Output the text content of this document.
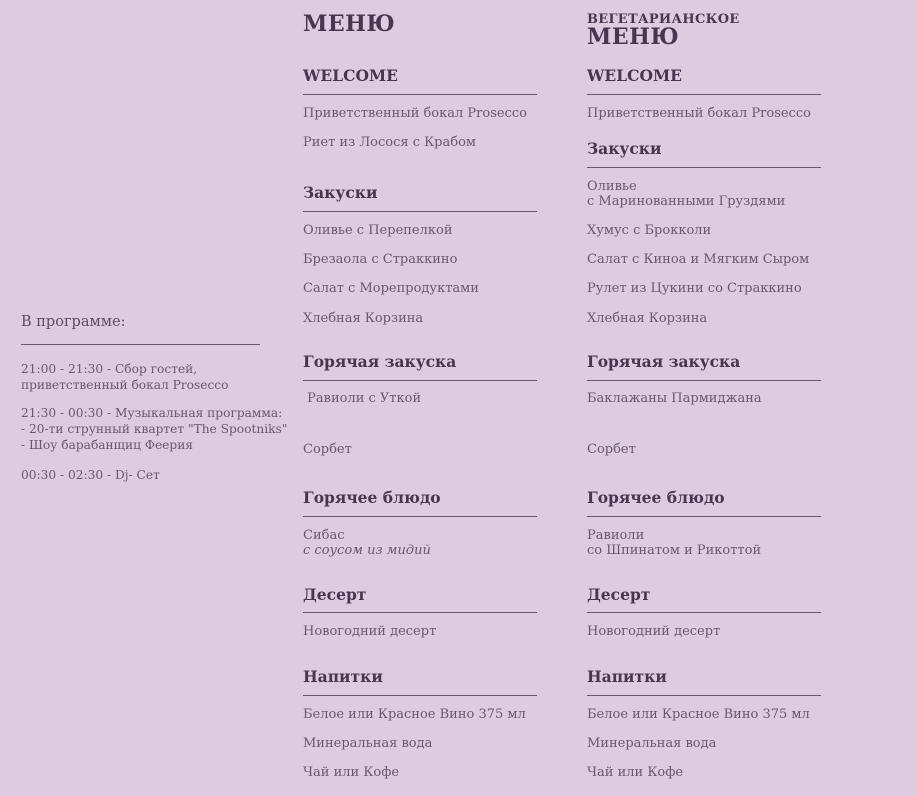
В программе:
21:00 - 21:30 - Сбор гостей,
приветственный бокал Prosecco
21:30 - 00:30 - Музыкальная программа:
- 20-ти струнный квартет "The Spootniks"
- Шоу барабанщиц Феерия
00:30 - 02:30 - Dj- Сет
МЕНЮ
WELCOME
Приветственный бокал Prosecco
Риет из Лосося с Крабом
Закуски
Оливье с Перепелкой
Брезаола с Страккино
Салат с Морепродуктами
Хлебная Корзина
Горячая закуска
Равиоли с Уткой
Сорбет
Горячее блюдо
Сибас
с соусом из мидий
Десерт
Новогодний десерт
Напитки
Белое или Красное Вино 375 мл
Минеральная вода
Чай или Кофе
ВЕГЕТАРИАНСКОЕ
МЕНЮ
WELCOME
Приветственный бокал Prosecco
Закуски
Оливье
с Маринованными Груздями
Хумус с Брокколи
Салат с Киноа и Мягким Сыром
Рулет из Цукини со Страккино
Хлебная Корзина
Горячая закуска
Баклажаны Пармиджана
Сорбет
Горячее блюдо
Равиоли
со Шпинатом и Рикоттой
Десерт
Новогодний десерт
Напитки
Белое или Красное Вино 375 мл
Минеральная вода
Чай или Кофе
